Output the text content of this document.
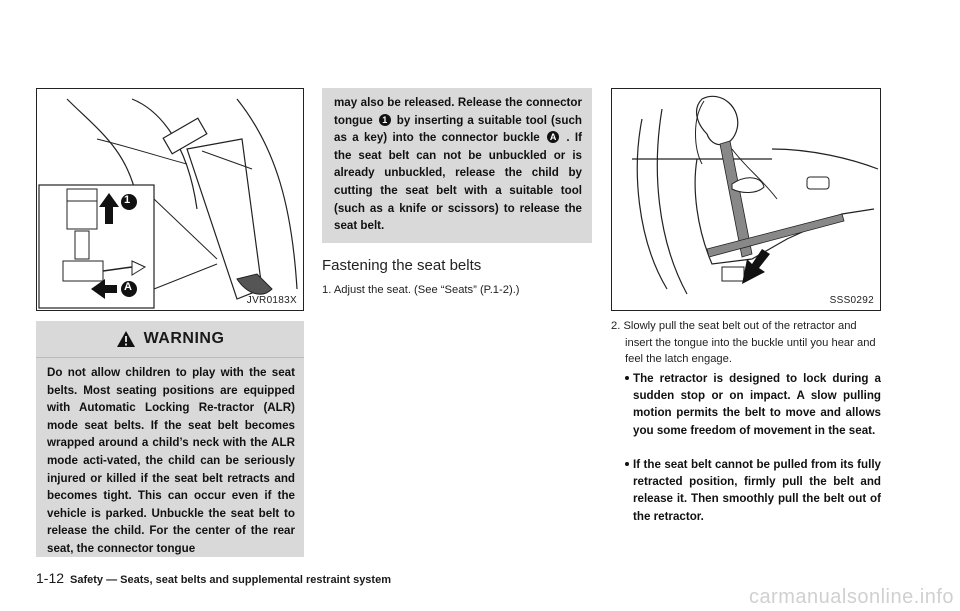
1
A
JVR0183X
WARNING
Do not allow children to play with the seat belts. Most seating positions are equipped with Automatic Locking Re-tractor (ALR) mode seat belts. If the seat belt becomes wrapped around a child’s neck with the ALR mode acti-vated, the child can be seriously injured or killed if the seat belt retracts and becomes tight. This can occur even if the vehicle is parked. Unbuckle the seat belt to release the child. For the center of the rear seat, the connector tongue
may also be released. Release the connector tongue 1 by inserting a suitable tool (such as a key) into the connector buckle A . If the seat belt can not be unbuckled or is already unbuckled, release the child by cutting the seat belt with a suitable tool (such as a knife or scissors) to release the seat belt.
Fastening the seat belts
1. Adjust the seat. (See “Seats” (P.1-2).)
SSS0292
2. Slowly pull the seat belt out of the retractor and insert the tongue into the buckle until you hear and feel the latch engage.
The retractor is designed to lock during a sudden stop or on impact. A slow pulling motion permits the belt to move and allows you some freedom of movement in the seat.
If the seat belt cannot be pulled from its fully retracted position, firmly pull the belt and release it. Then smoothly pull the belt out of the retractor.
1-12 Safety — Seats, seat belts and supplemental restraint system
carmanualsonline.info
